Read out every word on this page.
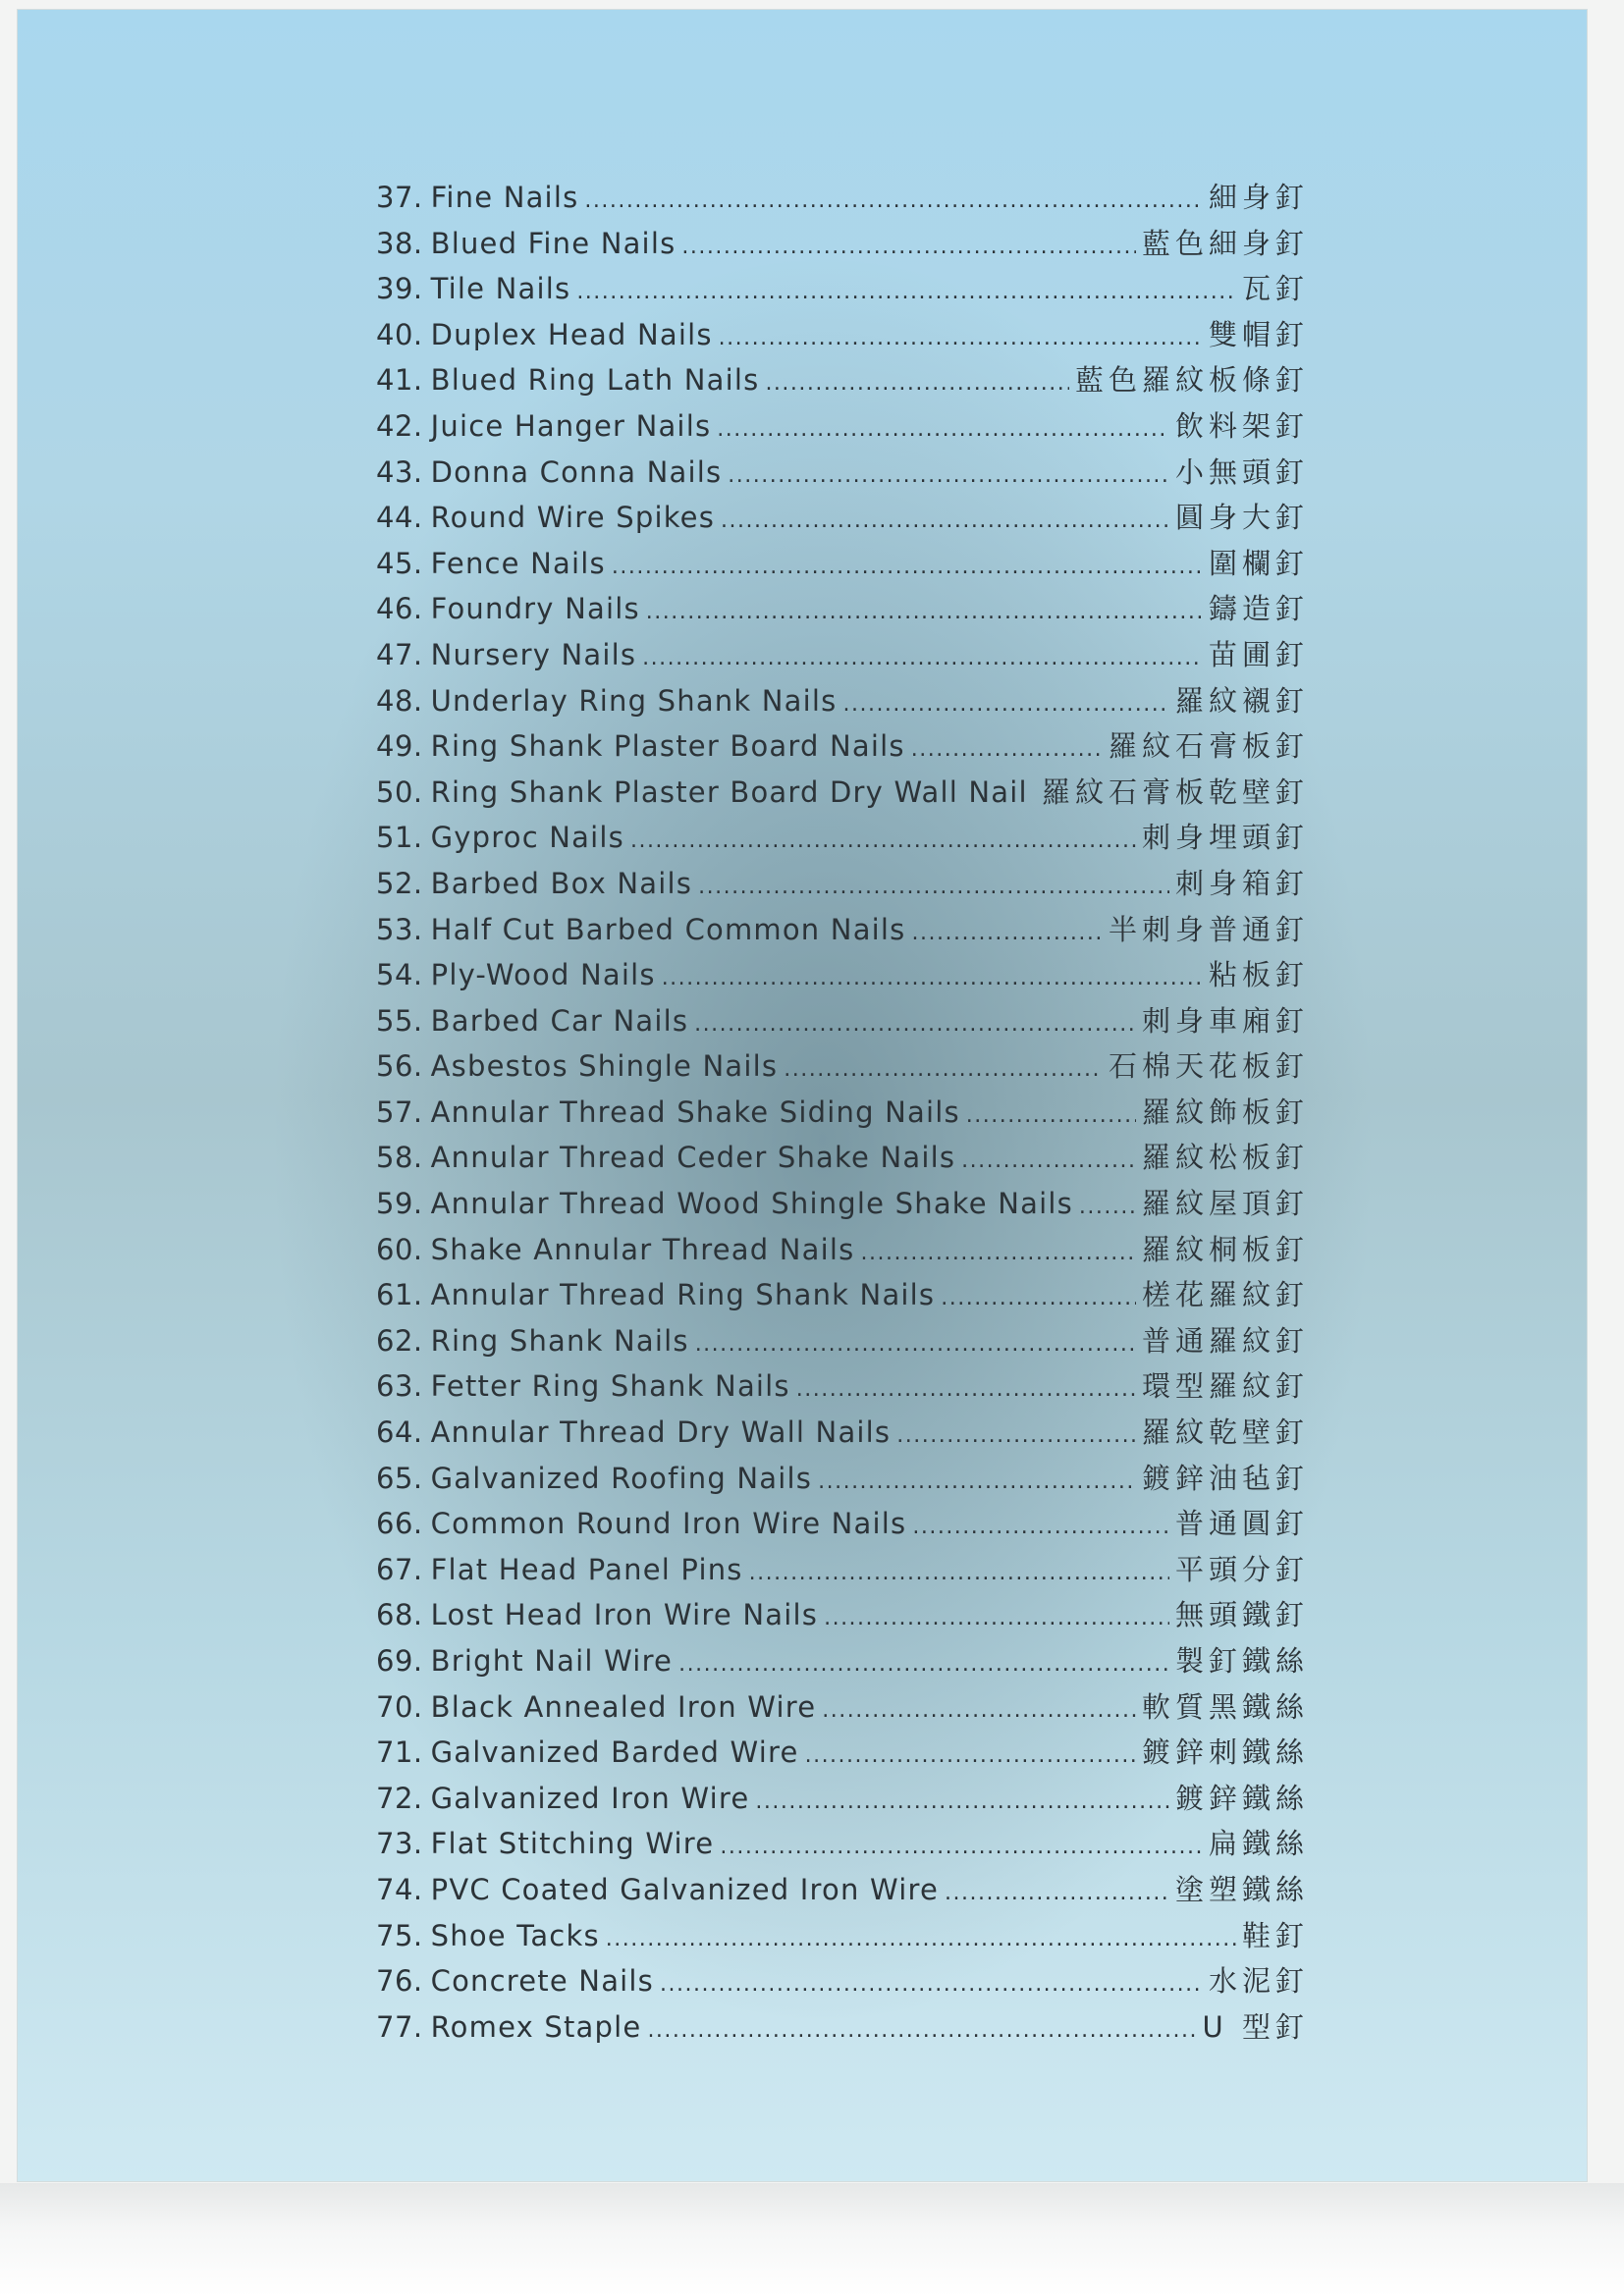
37. Fine Nails .....	細身釘
38. Blued Fine Nails .....	藍色細身釘
39. Tile Nails .....	瓦釘
40. Duplex Head Nails .....	雙帽釘
41. Blued Ring Lath Nails .....	藍色羅紋板條釘
42. Juice Hanger Nails .....	飲料架釘
43. Donna Conna Nails .....	小無頭釘
44. Round Wire Spikes .....	圓身大釘
45. Fence Nails .....	圍欄釘
46. Foundry Nails .....	鑄造釘
47. Nursery Nails .....	苗圃釘
48. Underlay Ring Shank Nails .....	羅紋襯釘
49. Ring Shank Plaster Board Nails .....	羅紋石膏板釘
50. Ring Shank Plaster Board Dry Wall Nail ..... 羅紋石膏板乾壁釘
51. Gyproc Nails .....	刺身埋頭釘
52. Barbed Box Nails .....	刺身箱釘
53. Half Cut Barbed Common Nails .....	半刺身普通釘
54. Ply-Wood Nails .....	粘板釘
55. Barbed Car Nails .....	刺身車廂釘
56. Asbestos Shingle Nails .....	石棉天花板釘
57. Annular Thread Shake Siding Nails .....	羅紋飾板釘
58. Annular Thread Ceder Shake Nails .....	羅紋松板釘
59. Annular Thread Wood Shingle Shake Nails ..... 羅紋屋頂釘
60. Shake Annular Thread Nails .....	羅紋桐板釘
61. Annular Thread Ring Shank Nails .....	槎花羅紋釘
62. Ring Shank Nails .....	普通羅紋釘
63. Fetter Ring Shank Nails .....	環型羅紋釘
64. Annular Thread Dry Wall Nails .....	羅紋乾壁釘
65. Galvanized Roofing Nails .....	鍍鋅油毡釘
66. Common Round Iron Wire Nails .....	普通圓釘
67. Flat Head Panel Pins .....	平頭分釘
68. Lost Head Iron Wire Nails .....	無頭鐵釘
69. Bright Nail Wire .....	製釘鐵絲
70. Black Annealed Iron Wire .....	軟質黑鐵絲
71. Galvanized Barded Wire .....	鍍鋅刺鐵絲
72. Galvanized Iron Wire .....	鍍鋅鐵絲
73. Flat Stitching Wire .....	扁鐵絲
74. PVC Coated Galvanized Iron Wire .....	塗塑鐵絲
75. Shoe Tacks .....	鞋釘
76. Concrete Nails .....	水泥釘
77. Romex Staple .....	U 型釘
